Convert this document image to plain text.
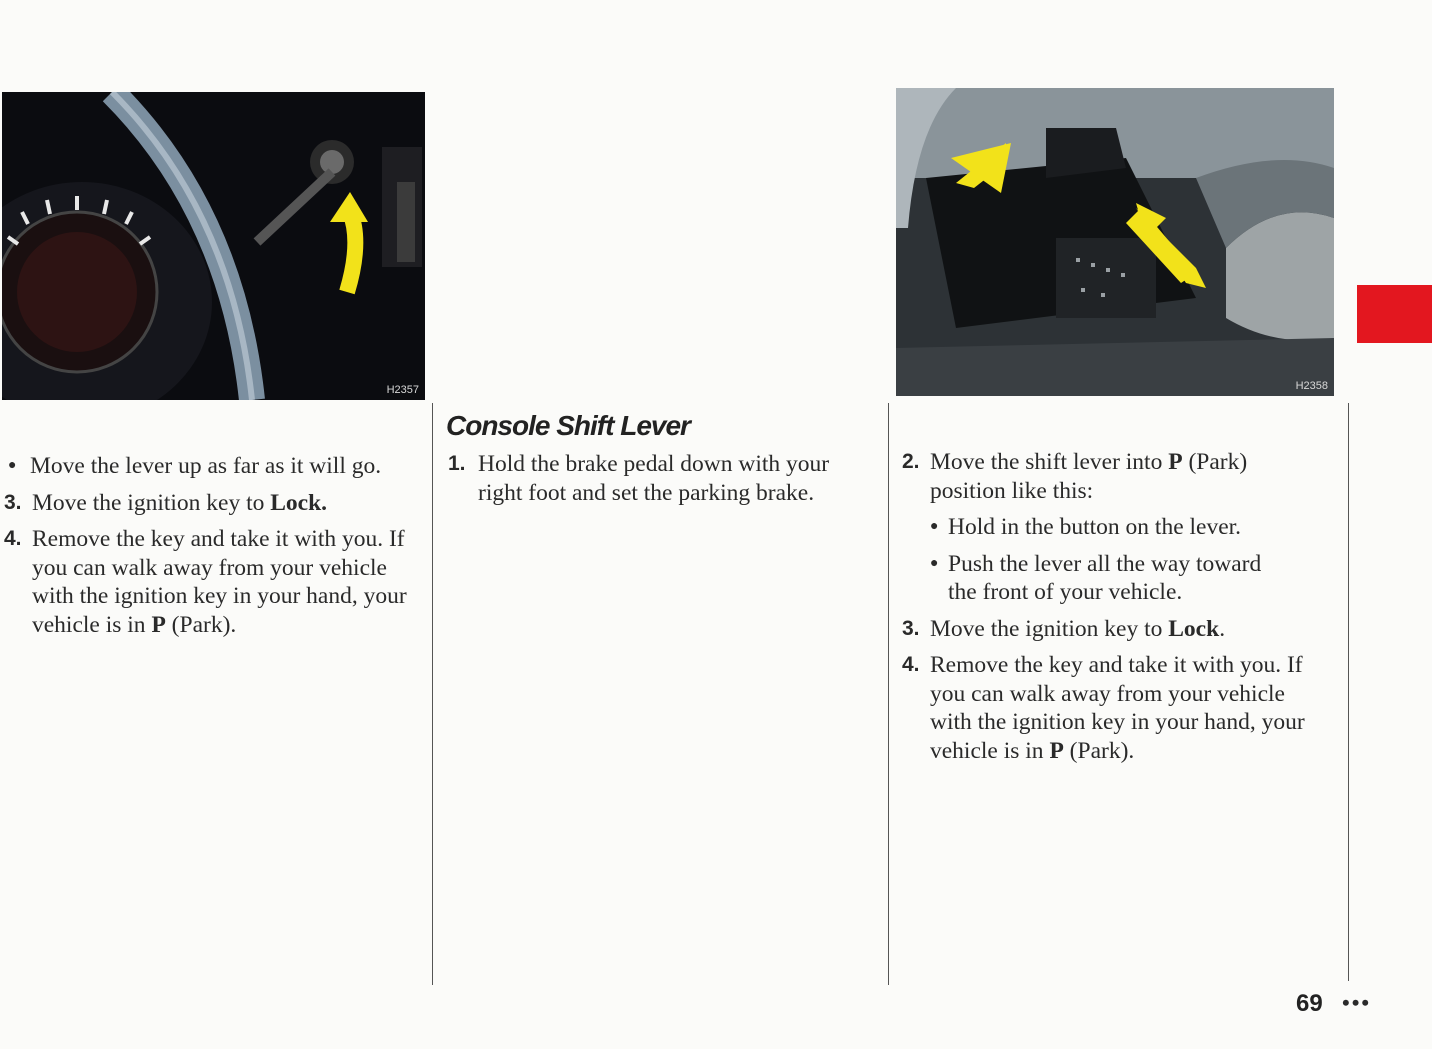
H2357	H2358
● Move the lever up as far as it will go.
3. Move the ignition key to Lock.
4. Remove the key and take it with you. If you can walk away from your vehicle with the ignition key in your hand, your vehicle is in P (Park).
Console Shift Lever
1. Hold the brake pedal down with your right foot and set the parking brake.
2. Move the shift lever into P (Park) position like this:
● Hold in the button on the lever.
● Push the lever all the way toward the front of your vehicle.
3. Move the ignition key to Lock.
4. Remove the key and take it with you. If you can walk away from your vehicle with the ignition key in your hand, your vehicle is in P (Park).
69 •••
